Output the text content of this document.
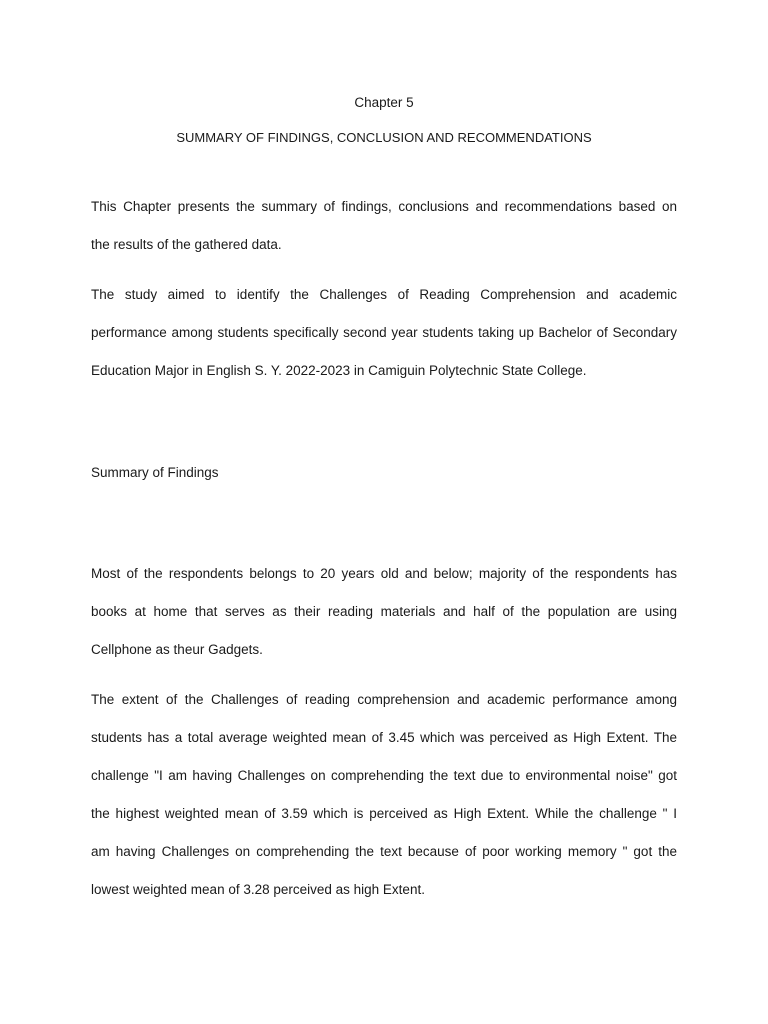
Chapter 5
SUMMARY OF FINDINGS, CONCLUSION AND RECOMMENDATIONS

This Chapter presents the summary of findings, conclusions and recommendations based on
the results of the gathered data.

The study aimed to identify the Challenges of Reading Comprehension and academic
performance among students specifically second year students taking up Bachelor of Secondary
Education Major in English S. Y. 2022-2023 in Camiguin Polytechnic State College.

Summary of Findings

Most of the respondents belongs to 20 years old and below; majority of the respondents has
books at home that serves as their reading materials and half of the population are using
Cellphone as theur Gadgets.

The extent of the Challenges of reading comprehension and academic performance among
students has a total average weighted mean of 3.45 which was perceived as High Extent. The
challenge "I am having Challenges on comprehending the text due to environmental noise" got
the highest weighted mean of 3.59 which is perceived as High Extent. While the challenge " I
am having Challenges on comprehending the text because of poor working memory " got the
lowest weighted mean of 3.28 perceived as high Extent.
